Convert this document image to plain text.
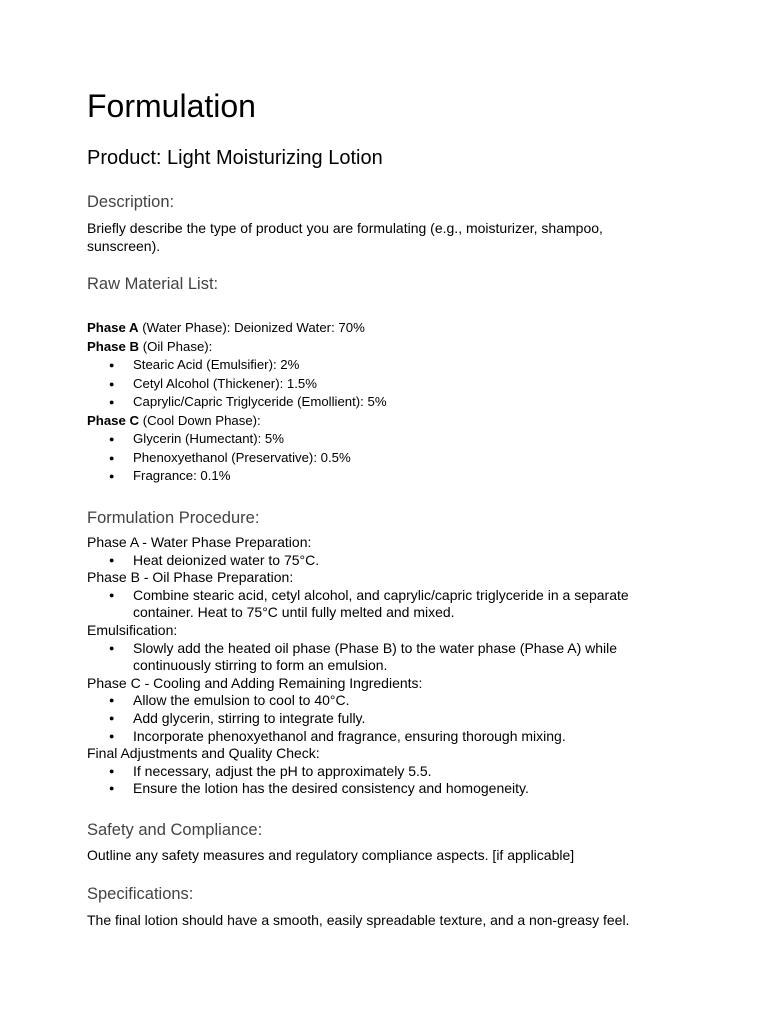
Formulation
Product: Light Moisturizing Lotion
Description:

Briefly describe the type of product you are formulating (e.g., moisturizer, shampoo, sunscreen).

Raw Material List:
Phase A (Water Phase): Deionized Water: 70%
Phase B (Oil Phase):
● Stearic Acid (Emulsifier): 2%
● Cetyl Alcohol (Thickener): 1.5%
● Caprylic/Capric Triglyceride (Emollient): 5%
Phase C (Cool Down Phase):
● Glycerin (Humectant): 5%
● Phenoxyethanol (Preservative): 0.5%
● Fragrance: 0.1%
Formulation Procedure:
Phase A - Water Phase Preparation:
● Heat deionized water to 75°C.
Phase B - Oil Phase Preparation:
● Combine stearic acid, cetyl alcohol, and caprylic/capric triglyceride in a separate container. Heat to 75°C until fully melted and mixed.
Emulsification:
● Slowly add the heated oil phase (Phase B) to the water phase (Phase A) while continuously stirring to form an emulsion.
Phase C - Cooling and Adding Remaining Ingredients:
● Allow the emulsion to cool to 40°C.
● Add glycerin, stirring to integrate fully.
● Incorporate phenoxyethanol and fragrance, ensuring thorough mixing.
Final Adjustments and Quality Check:
● If necessary, adjust the pH to approximately 5.5.
● Ensure the lotion has the desired consistency and homogeneity.
Safety and Compliance:

Outline any safety measures and regulatory compliance aspects. [if applicable]

Specifications:

The final lotion should have a smooth, easily spreadable texture, and a non-greasy feel.
